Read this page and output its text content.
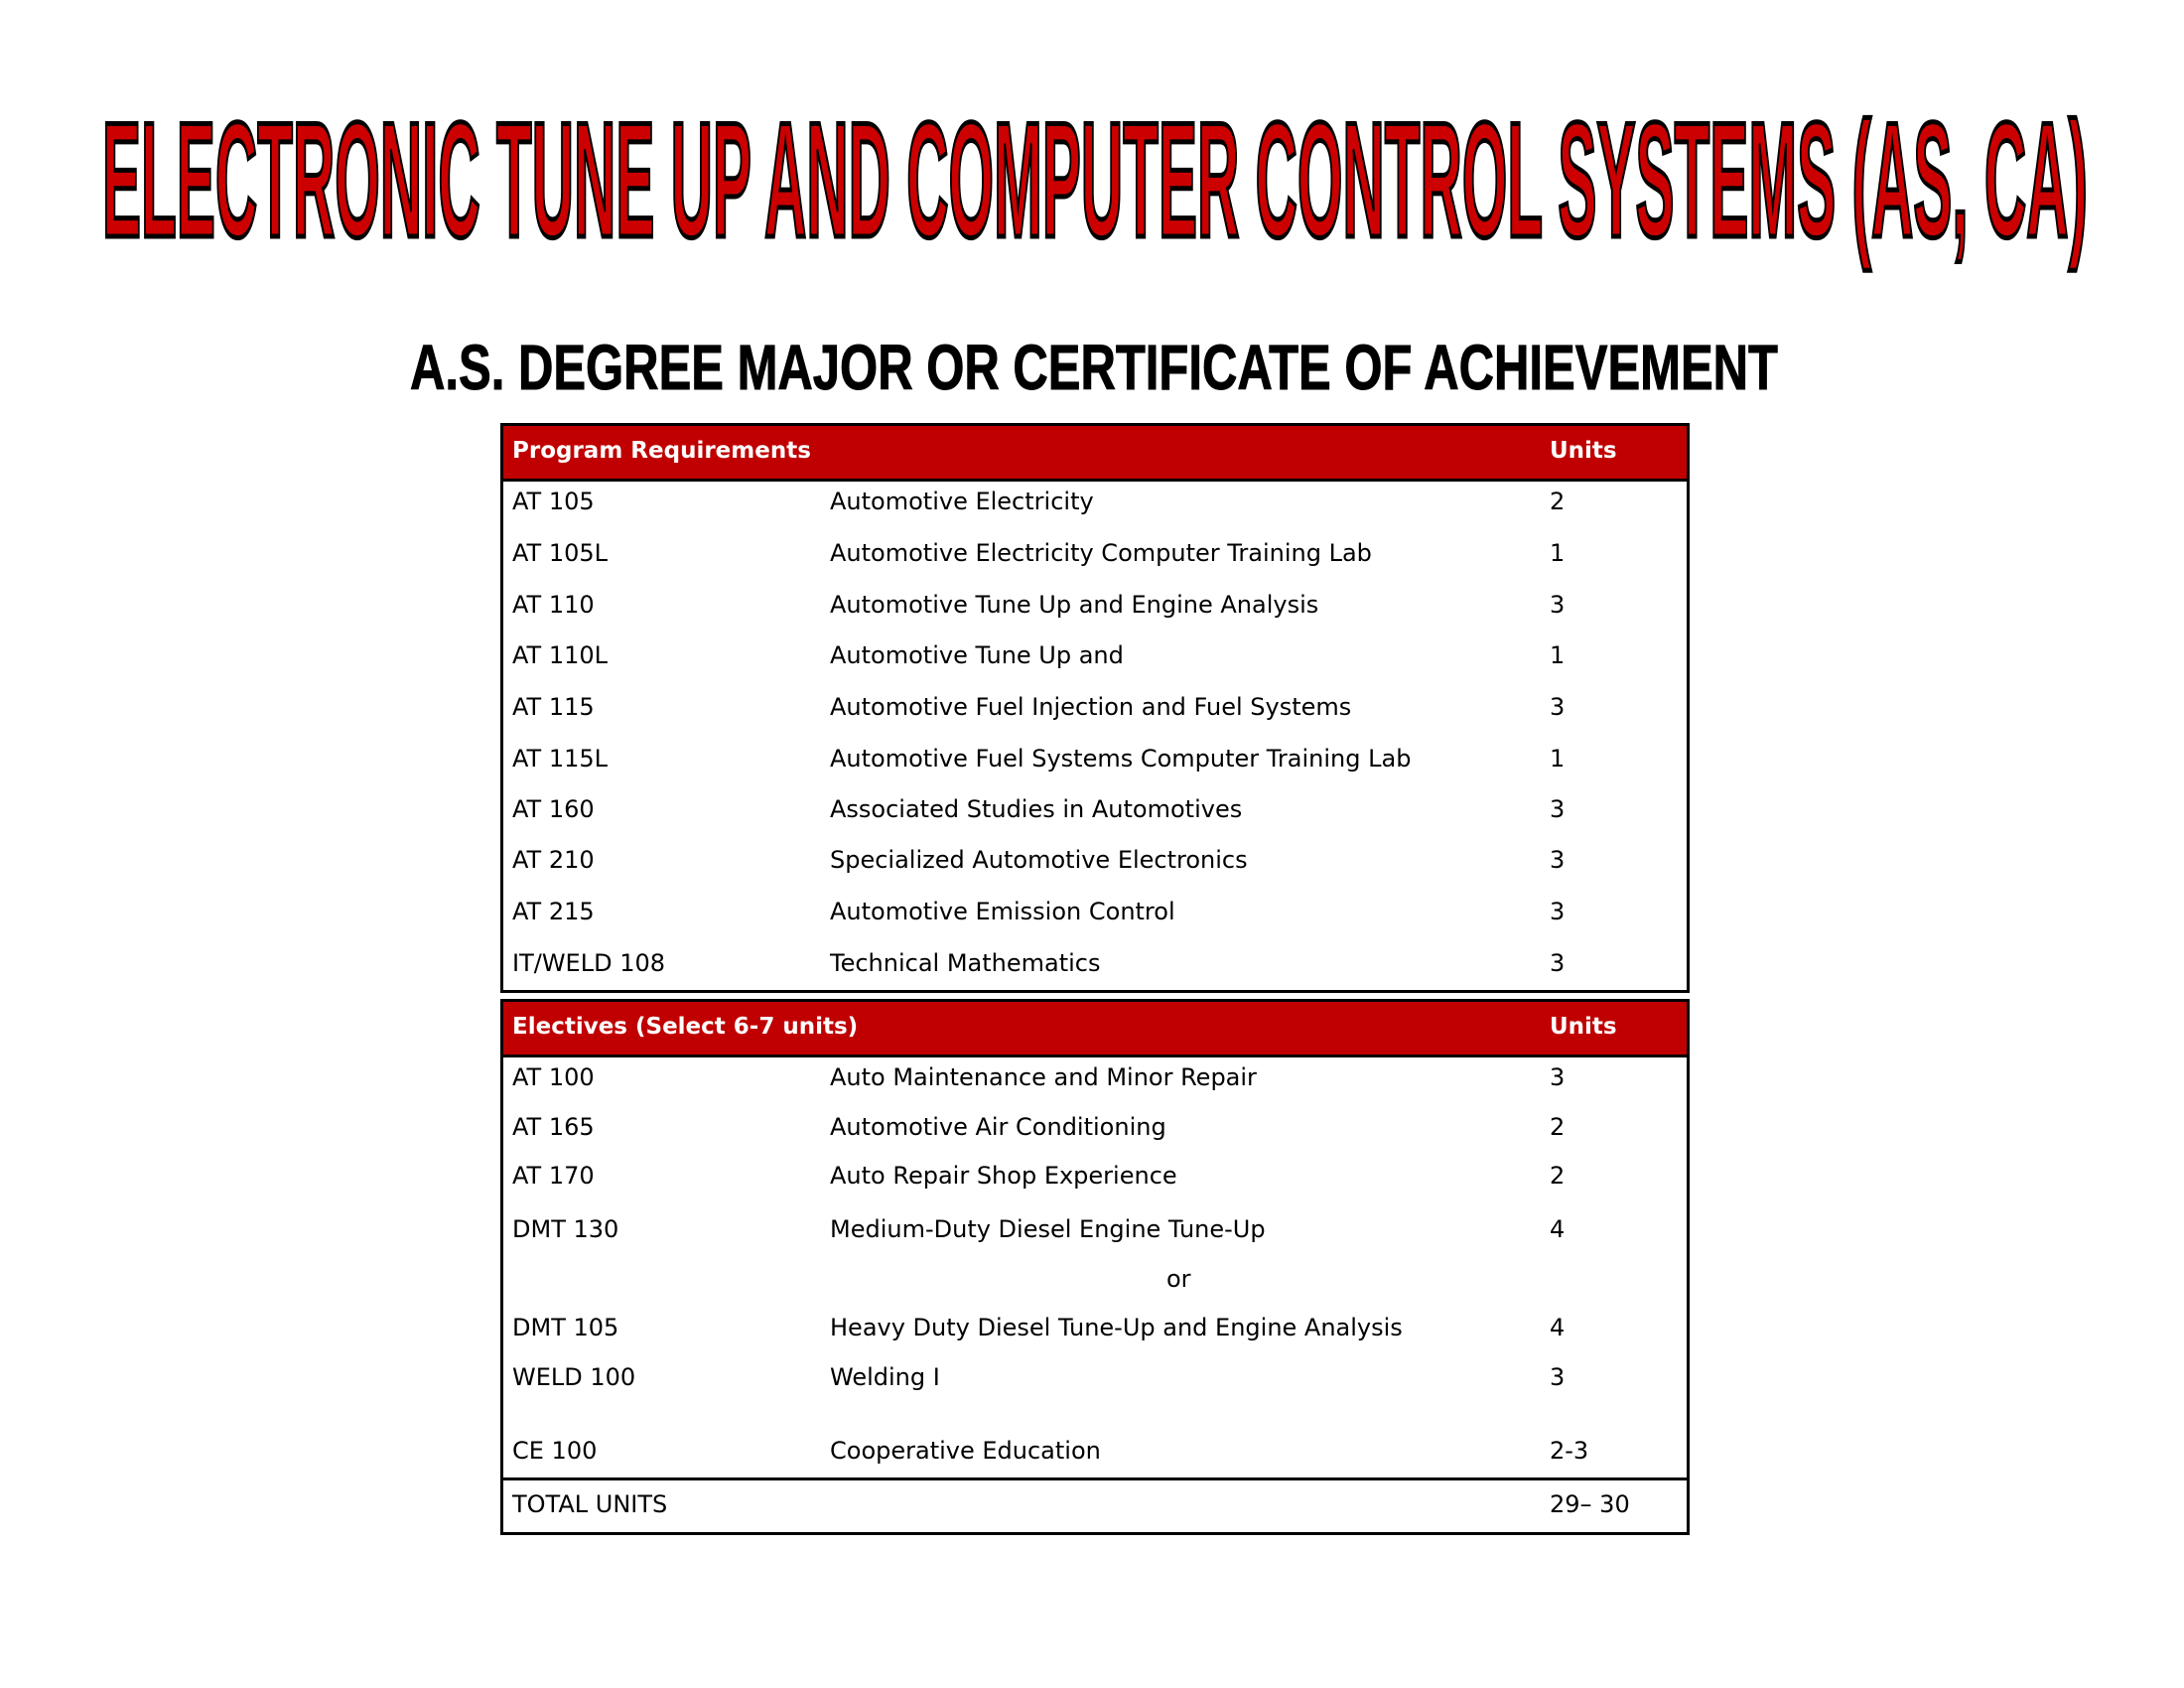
ELECTRONIC TUNE UP AND COMPUTER CONTROL SYSTEMS (AS, CA)
A.S. DEGREE MAJOR OR CERTIFICATE OF ACHIEVEMENT
Program Requirements	Units
AT 105	Automotive Electricity	2
AT 105L	Automotive Electricity Computer Training Lab	1
AT 110	Automotive Tune Up and Engine Analysis	3
AT 110L	Automotive Tune Up and	1
AT 115	Automotive Fuel Injection and Fuel Systems	3
AT 115L	Automotive Fuel Systems Computer Training Lab	1
AT 160	Associated Studies in Automotives	3
AT 210	Specialized Automotive Electronics	3
AT 215	Automotive Emission Control	3
IT/WELD 108	Technical Mathematics	3
Electives (Select 6-7 units)	Units
AT 100	Auto Maintenance and Minor Repair	3
AT 165	Automotive Air Conditioning	2
AT 170	Auto Repair Shop Experience	2
DMT 130	Medium-Duty Diesel Engine Tune-Up	4
or
DMT 105	Heavy Duty Diesel Tune-Up and Engine Analysis	4
WELD 100	Welding I	3
CE 100	Cooperative Education	2-3
TOTAL UNITS	29– 30
